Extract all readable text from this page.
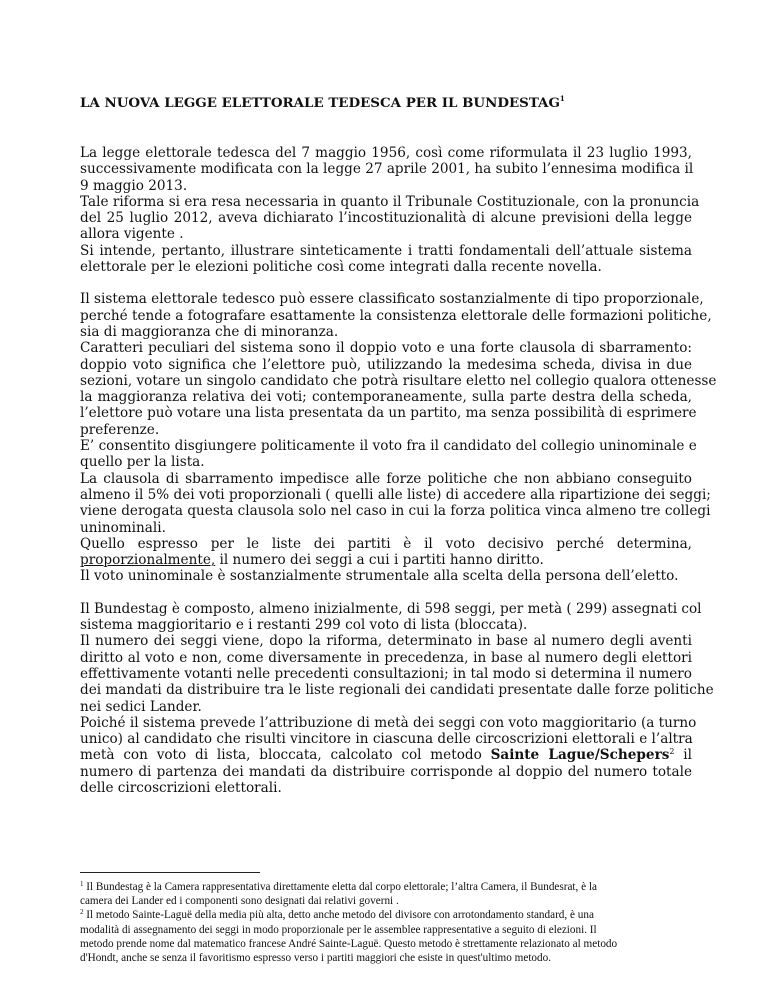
LA NUOVA LEGGE ELETTORALE TEDESCA PER IL BUNDESTAG$^1$
La legge elettorale tedesca del 7 maggio 1956, così come riformulata il 23 luglio 1993,
successivamente modificata con la legge 27 aprile 2001, ha subito l’ennesima modifica il
9 maggio 2013.
Tale riforma si era resa necessaria in quanto il Tribunale Costituzionale, con la pronuncia
del 25 luglio 2012, aveva dichiarato l’incostituzionalità di alcune previsioni della legge
allora vigente .
Si intende, pertanto, illustrare sinteticamente i tratti fondamentali dell’attuale sistema
elettorale per le elezioni politiche così come integrati dalla recente novella.
Il sistema elettorale tedesco può essere classificato sostanzialmente di tipo proporzionale,
perché tende a fotografare esattamente la consistenza elettorale delle formazioni politiche,
sia di maggioranza che di minoranza.
Caratteri peculiari del sistema sono il doppio voto e una forte clausola di sbarramento:
doppio voto significa che l’elettore può, utilizzando la medesima scheda, divisa in due
sezioni, votare un singolo candidato che potrà risultare eletto nel collegio qualora ottenesse
la maggioranza relativa dei voti; contemporaneamente, sulla parte destra della scheda,
l’elettore può votare una lista presentata da un partito, ma senza possibilità di esprimere
preferenze.
E’ consentito disgiungere politicamente il voto fra il candidato del collegio uninominale e
quello per la lista.
La clausola di sbarramento impedisce alle forze politiche che non abbiano conseguito
almeno il 5% dei voti proporzionali ( quelli alle liste) di accedere alla ripartizione dei seggi;
viene derogata questa clausola solo nel caso in cui la forza politica vinca almeno tre collegi
uninominali.
Quello espresso per le liste dei partiti è il voto decisivo perché determina,
proporzionalmente, il numero dei seggi a cui i partiti hanno diritto.
Il voto uninominale è sostanzialmente strumentale alla scelta della persona dell’eletto.
Il Bundestag è composto, almeno inizialmente, di 598 seggi, per metà ( 299) assegnati col
sistema maggioritario e i restanti 299 col voto di lista (bloccata).
Il numero dei seggi viene, dopo la riforma, determinato in base al numero degli aventi
diritto al voto e non, come diversamente in precedenza, in base al numero degli elettori
effettivamente votanti nelle precedenti consultazioni; in tal modo si determina il numero
dei mandati da distribuire tra le liste regionali dei candidati presentate dalle forze politiche
nei sedici Lander.
Poiché il sistema prevede l’attribuzione di metà dei seggi con voto maggioritario (a turno
unico) al candidato che risulti vincitore in ciascuna delle circoscrizioni elettorali e l’altra
metà con voto di lista, bloccata, calcolato col metodo Sainte Lague/Schepers$^2$ il
numero di partenza dei mandati da distribuire corrisponde al doppio del numero totale
delle circoscrizioni elettorali.
$^1$ Il Bundestag è la Camera rappresentativa direttamente eletta dal corpo elettorale; l’altra Camera, il Bundesrat, è la
camera dei Lander ed i componenti sono designati dai relativi governi .
$^2$ Il metodo Sainte-Laguë della media più alta, detto anche metodo del divisore con arrotondamento standard, è una
modalità di assegnamento dei seggi in modo proporzionale per le assemblee rappresentative a seguito di elezioni. Il
metodo prende nome dal matematico francese André Sainte-Laguë. Questo metodo è strettamente relazionato al metodo
d'Hondt, anche se senza il favoritismo espresso verso i partiti maggiori che esiste in quest'ultimo metodo.
